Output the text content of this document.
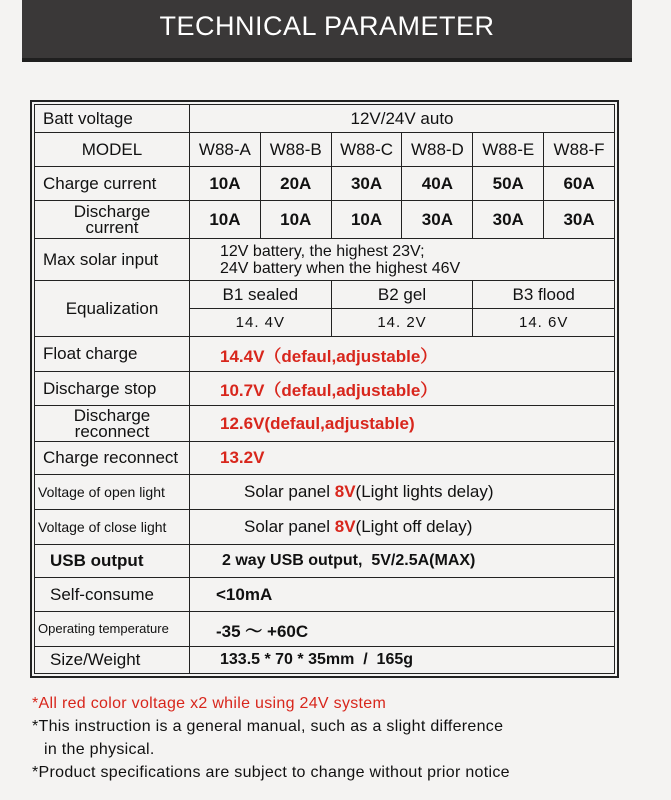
TECHNICAL PARAMETER
Batt voltage	12V/24V auto
MODEL	W88-A	W88-B	W88-C	W88-D	W88-E	W88-F
Charge current	10A	20A	30A	40A	50A	60A
Discharge
current	10A	10A	10A	30A	30A	30A
Max solar input	12V battery, the highest 23V;
24V battery when the highest 46V
Equalization
B1 sealed	B2 gel	B3 flood
14. 4V	14. 2V	14. 6V
Float charge	14.4V（defaul,adjustable）
Discharge stop	10.7V（defaul,adjustable）
Discharge
reconnect	12.6V(defaul,adjustable)
Charge reconnect	13.2V
Voltage of open light	Solar panel 8V (Light lights delay)
Voltage of close light	Solar panel 8V (Light off delay)
USB output	2 way USB output,  5V/2.5A(MAX)
Self-consume	<10mA
Operating temperature	-35 ～ +60C
Size/Weight	133.5 * 70 * 35mm  /  165g
*All red color voltage x2 while using 24V system
*This instruction is a general manual, such as a slight difference
in the physical.
*Product specifications are subject to change without prior notice
